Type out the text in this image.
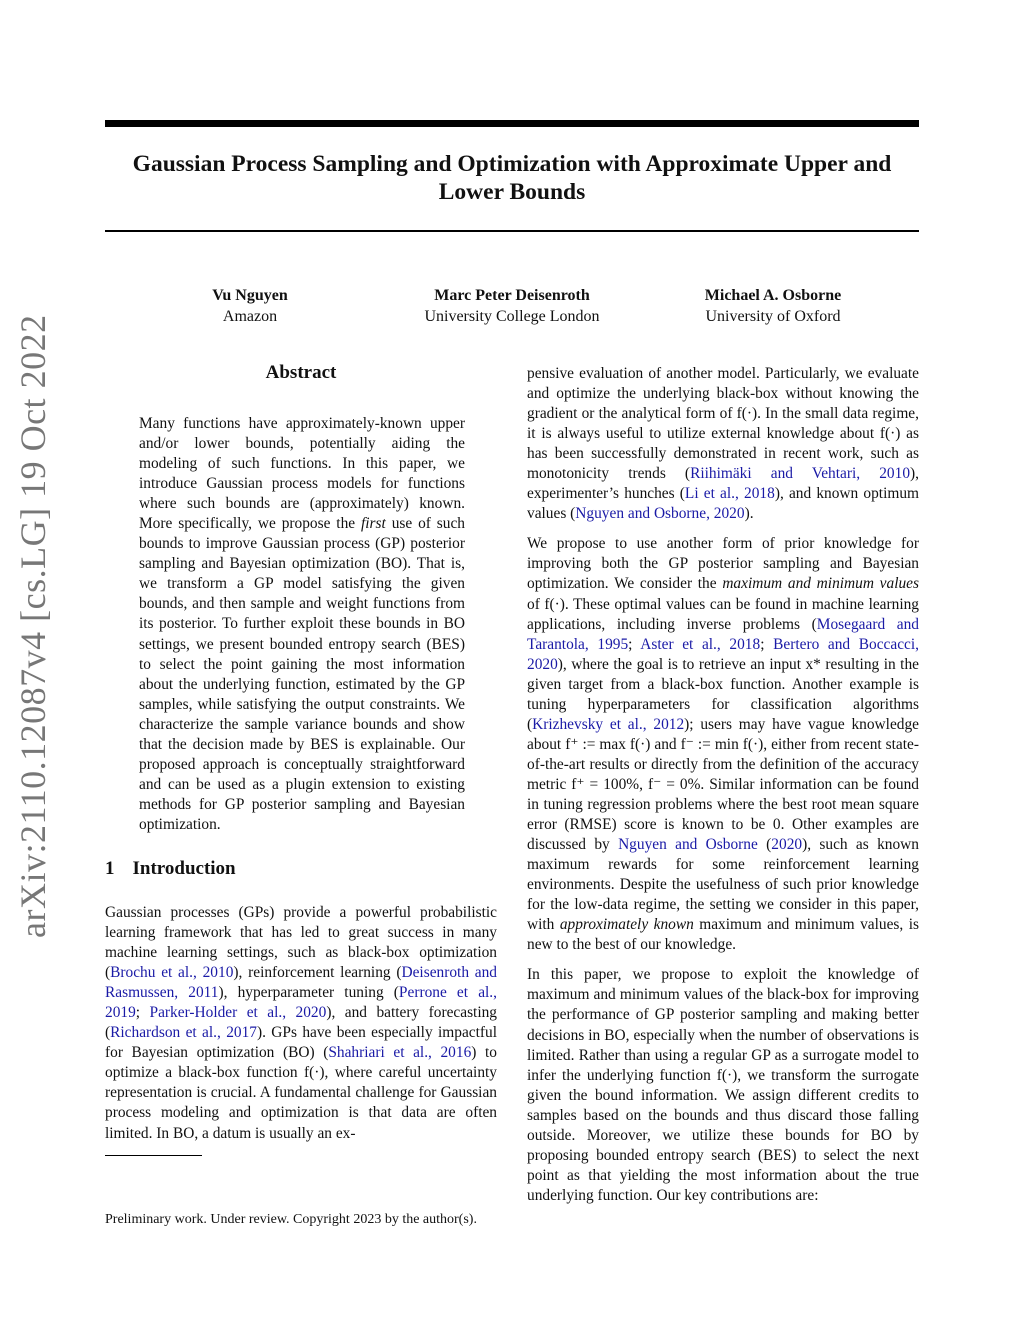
arXiv:2110.12087v4 [cs.LG] 19 Oct 2022
Gaussian Process Sampling and Optimization with Approximate Upper and Lower Bounds
Vu Nguyen
Amazon
Marc Peter Deisenroth
University College London
Michael A. Osborne
University of Oxford
Abstract
Many functions have approximately-known upper and/or lower bounds, potentially aiding the modeling of such functions. In this paper, we introduce Gaussian process models for functions where such bounds are (approximately) known. More specifically, we propose the first use of such bounds to improve Gaussian process (GP) posterior sampling and Bayesian optimization (BO). That is, we transform a GP model satisfying the given bounds, and then sample and weight functions from its posterior. To further exploit these bounds in BO settings, we present bounded entropy search (BES) to select the point gaining the most information about the underlying function, estimated by the GP samples, while satisfying the output constraints. We characterize the sample variance bounds and show that the decision made by BES is explainable. Our proposed approach is conceptually straightforward and can be used as a plugin extension to existing methods for GP posterior sampling and Bayesian optimization.
1 Introduction

Gaussian processes (GPs) provide a powerful probabilistic learning framework that has led to great success in many machine learning settings, such as black-box optimization (Brochu et al., 2010), reinforcement learning (Deisenroth and Rasmussen, 2011), hyperparameter tuning (Perrone et al., 2019; Parker-Holder et al., 2020), and battery forecasting (Richardson et al., 2017). GPs have been especially impactful for Bayesian optimization (BO) (Shahriari et al., 2016) to optimize a black-box function f(·), where careful uncertainty representation is crucial. A fundamental challenge for Gaussian process modeling and optimization is that data are often limited. In BO, a datum is usually an ex-

pensive evaluation of another model. Particularly, we evaluate and optimize the underlying black-box without knowing the gradient or the analytical form of f(·). In the small data regime, it is always useful to utilize external knowledge about f(·) as has been successfully demonstrated in recent work, such as monotonicity trends (Riihimäki and Vehtari, 2010), experimenter’s hunches (Li et al., 2018), and known optimum values (Nguyen and Osborne, 2020).

We propose to use another form of prior knowledge for improving both the GP posterior sampling and Bayesian optimization. We consider the maximum and minimum values of f(·). These optimal values can be found in machine learning applications, including inverse problems (Mosegaard and Tarantola, 1995; Aster et al., 2018; Bertero and Boccacci, 2020), where the goal is to retrieve an input x* resulting in the given target from a black-box function. Another example is tuning hyperparameters for classification algorithms (Krizhevsky et al., 2012); users may have vague knowledge about f⁺ := max f(·) and f⁻ := min f(·), either from recent state-of-the-art results or directly from the definition of the accuracy metric f⁺ = 100%, f⁻ = 0%. Similar information can be found in tuning regression problems where the best root mean square error (RMSE) score is known to be 0. Other examples are discussed by Nguyen and Osborne (2020), such as known maximum rewards for some reinforcement learning environments. Despite the usefulness of such prior knowledge for the low-data regime, the setting we consider in this paper, with approximately known maximum and minimum values, is new to the best of our knowledge.

In this paper, we propose to exploit the knowledge of maximum and minimum values of the black-box for improving the performance of GP posterior sampling and making better decisions in BO, especially when the number of observations is limited. Rather than using a regular GP as a surrogate model to infer the underlying function f(·), we transform the surrogate given the bound information. We assign different credits to samples based on the bounds and thus discard those falling outside. Moreover, we utilize these bounds for BO by proposing bounded entropy search (BES) to select the next point as that yielding the most information about the true underlying function. Our key contributions are:

Preliminary work. Under review. Copyright 2023 by the author(s).
